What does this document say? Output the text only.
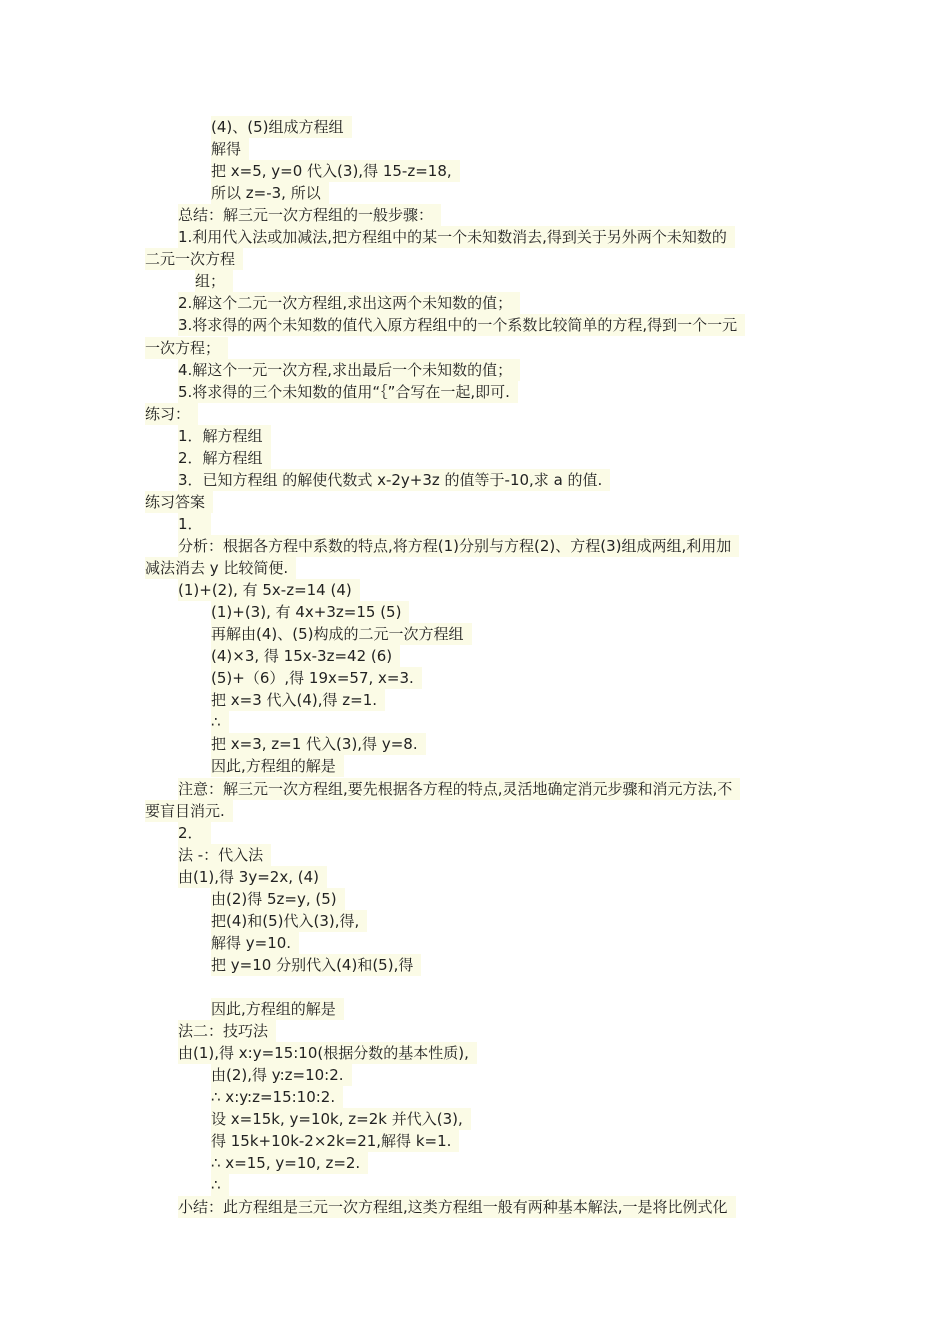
(4)、(5)组成方程组
解得
把 x=5, y=0 代入(3),得 15-z=18,
所以 z=-3, 所以
总结：解三元一次方程组的一般步骤：
1.利用代入法或加减法,把方程组中的某一个未知数消去,得到关于另外两个未知数的
二元一次方程
组；
2.解这个二元一次方程组,求出这两个未知数的值；
3.将求得的两个未知数的值代入原方程组中的一个系数比较简单的方程,得到一个一元
一次方程；
4.解这个一元一次方程,求出最后一个未知数的值；
5.将求得的三个未知数的值用“｛”合写在一起,即可.
练习：
1．解方程组
2．解方程组
3．已知方程组 的解使代数式 x-2y+3z 的值等于-10,求 a 的值.
练习答案
1．
分析：根据各方程中系数的特点,将方程(1)分别与方程(2)、方程(3)组成两组,利用加
减法消去 y 比较简便.
(1)+(2), 有 5x-z=14 (4)
(1)+(3), 有 4x+3z=15 (5)
再解由(4)、(5)构成的二元一次方程组
(4)×3, 得 15x-3z=42 (6)
(5)+（6）,得 19x=57, x=3.
把 x=3 代入(4),得 z=1.
∴
把 x=3, z=1 代入(3),得 y=8.
因此,方程组的解是
注意：解三元一次方程组,要先根据各方程的特点,灵活地确定消元步骤和消元方法,不
要盲目消元.
2．
法 -：代入法
由(1),得 3y=2x, (4)
由(2)得 5z=y, (5)
把(4)和(5)代入(3),得,
解得 y=10.
把 y=10 分别代入(4)和(5),得
因此,方程组的解是
法二：技巧法
由(1),得 x:y=15:10(根据分数的基本性质),
由(2),得 y:z=10:2.
∴ x:y:z=15:10:2.
设 x=15k, y=10k, z=2k 并代入(3),
得 15k+10k-2×2k=21,解得 k=1.
∴ x=15, y=10, z=2.
∴
小结：此方程组是三元一次方程组,这类方程组一般有两种基本解法,一是将比例式化
